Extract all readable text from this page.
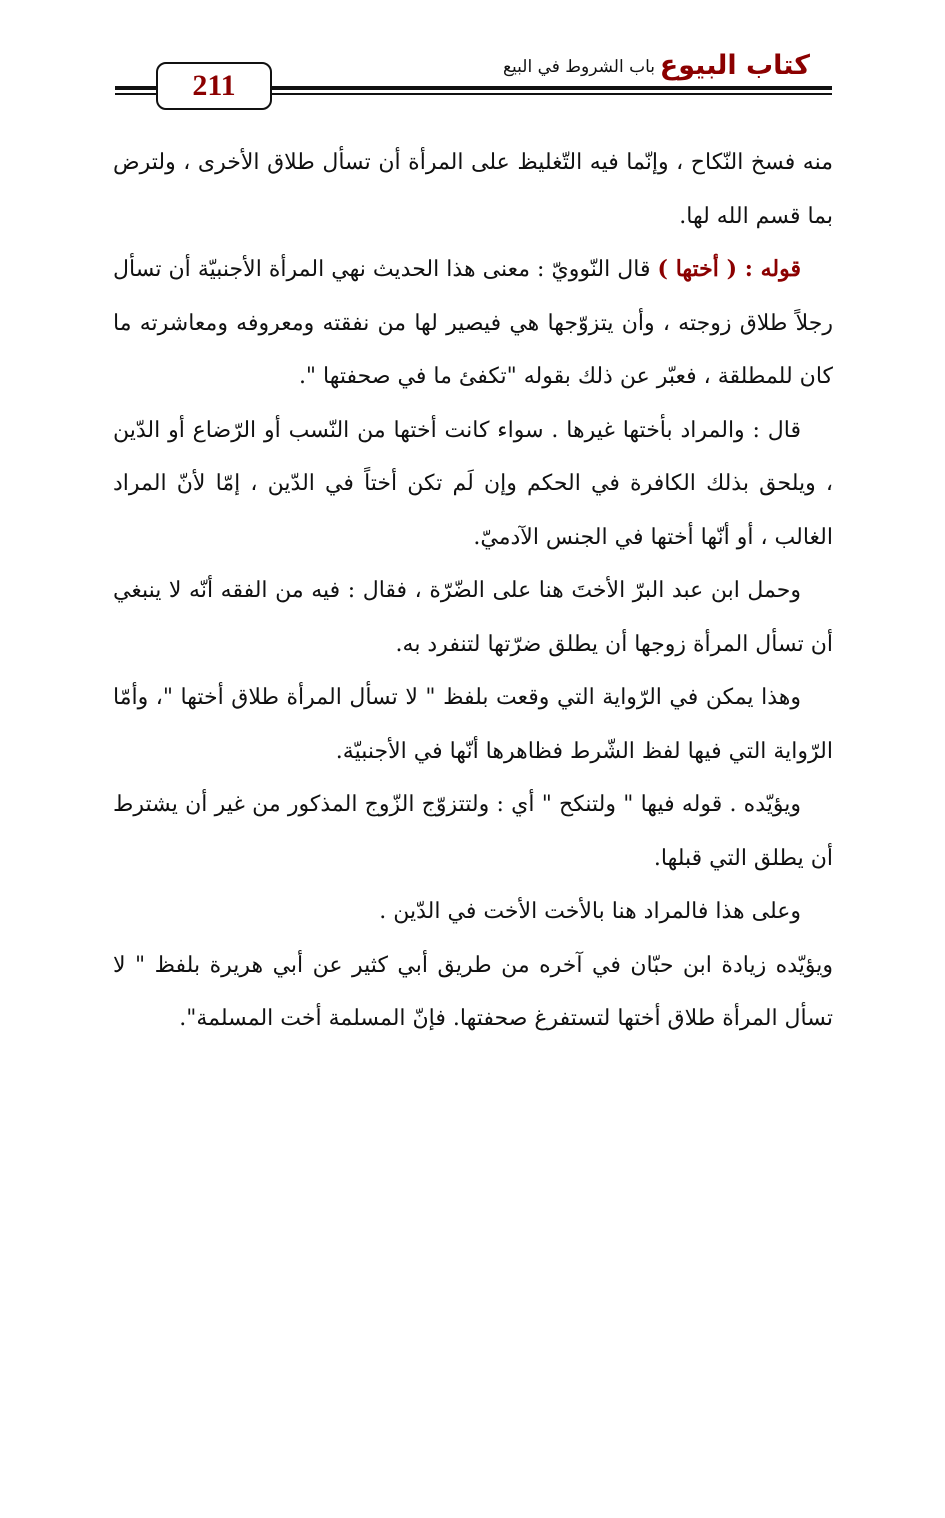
211
كتاب البيوع
باب الشروط في البيع

منه فسخ النّكاح ، وإنّما فيه التّغليظ على المرأة أن تسأل طلاق الأخرى ، ولترض بما قسم الله لها.

قوله : ( أختها ) قال النّوويّ : معنى هذا الحديث نهي المرأة الأجنبيّة أن تسأل رجلاً طلاق زوجته ، وأن يتزوّجها هي فيصير لها من نفقته ومعروفه ومعاشرته ما كان للمطلقة ، فعبّر عن ذلك بقوله "تكفئ ما في صحفتها ".

قال : والمراد بأختها غيرها . سواء كانت أختها من النّسب أو الرّضاع أو الدّين ، ويلحق بذلك الكافرة في الحكم وإن لَم تكن أختاً في الدّين ، إمّا لأنّ المراد الغالب ، أو أنّها أختها في الجنس الآدميّ.

وحمل ابن عبد البرّ الأختَ هنا على الضّرّة ، فقال : فيه من الفقه أنّه لا ينبغي أن تسأل المرأة زوجها أن يطلق ضرّتها لتنفرد به.

وهذا يمكن في الرّواية التي وقعت بلفظ " لا تسأل المرأة طلاق أختها "، وأمّا الرّواية التي فيها لفظ الشّرط فظاهرها أنّها في الأجنبيّة.

ويؤيّده . قوله فيها " ولتنكح " أي : ولتتزوّج الزّوج المذكور من غير أن يشترط أن يطلق التي قبلها.

وعلى هذا فالمراد هنا بالأخت الأخت في الدّين .

ويؤيّده زيادة ابن حبّان في آخره من طريق أبي كثير عن أبي هريرة بلفظ " لا تسأل المرأة طلاق أختها لتستفرغ صحفتها. فإنّ المسلمة أخت المسلمة".
